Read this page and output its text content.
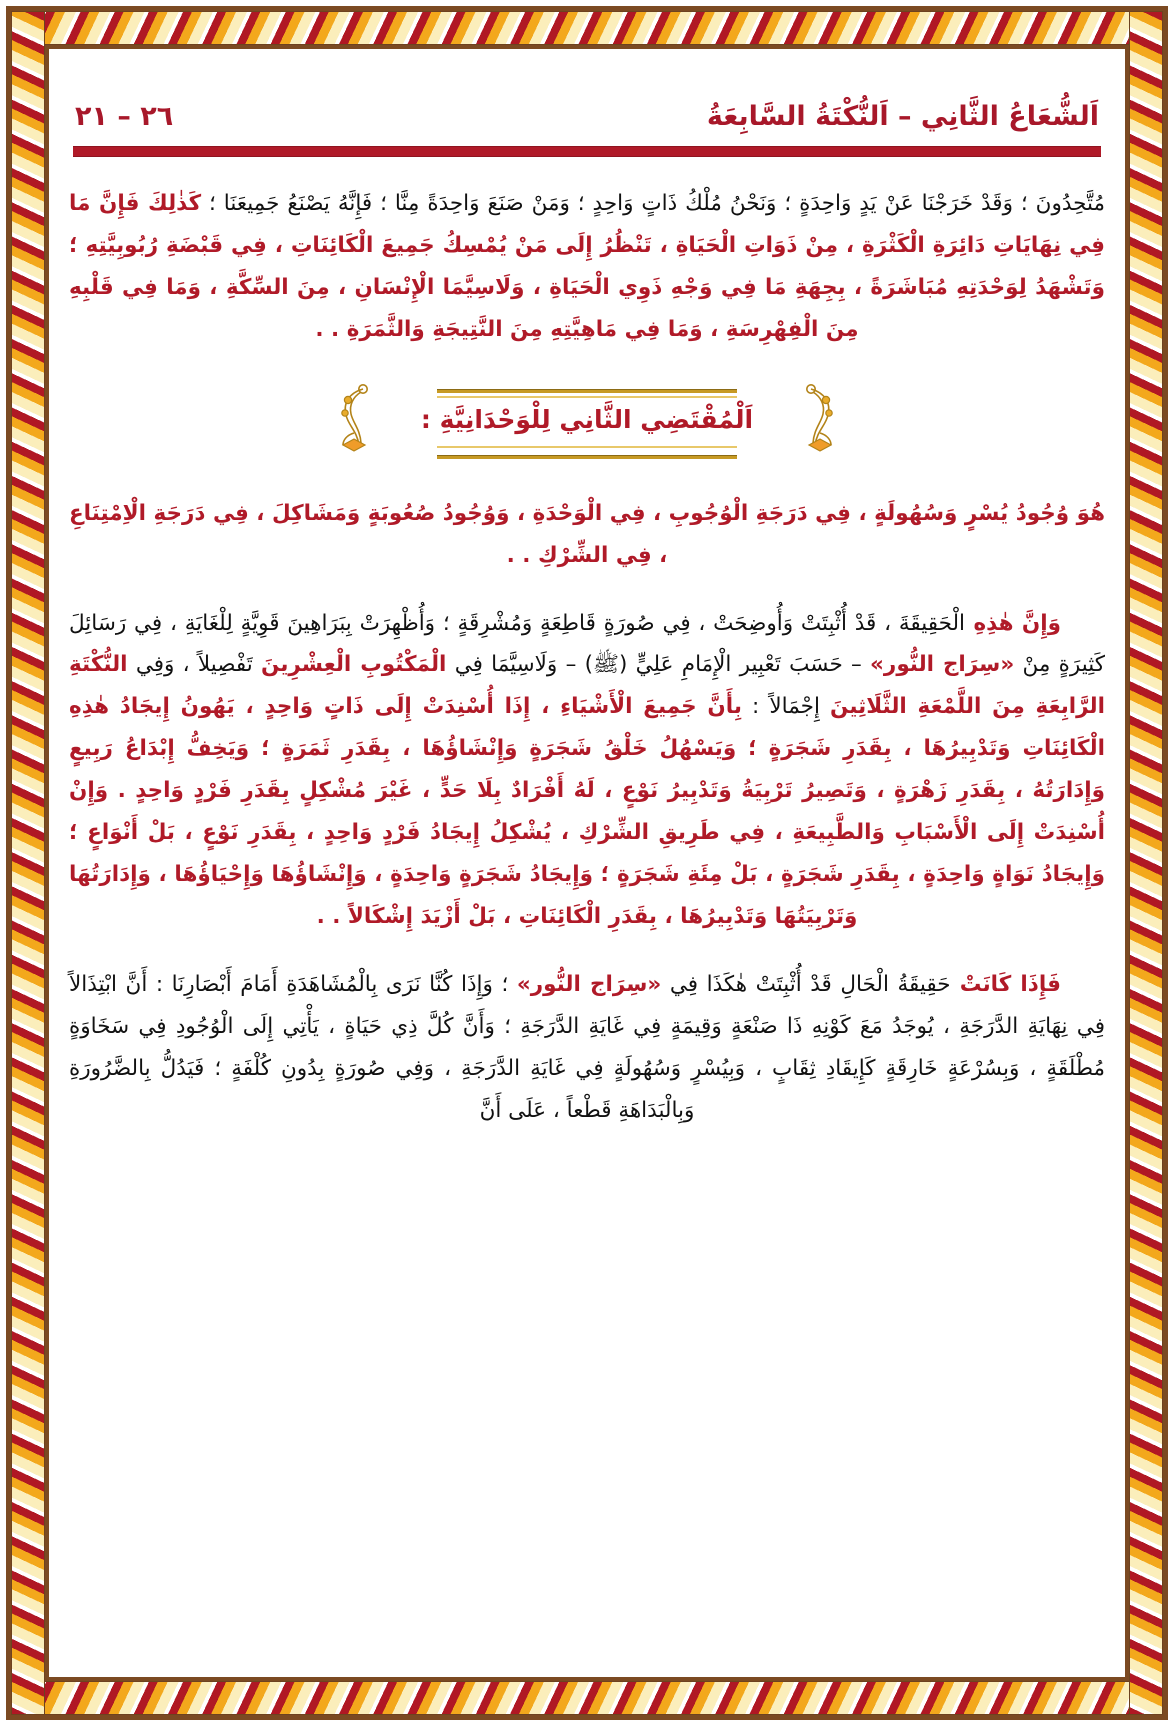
اَلشُّعَاعُ الثَّانِي – اَلنُّكْتَةُ السَّابِعَةُ
٢٦ – ٢١

مُتَّحِدُونَ ؛ وَقَدْ خَرَجْنَا عَنْ يَدٍ وَاحِدَةٍ ؛ وَنَحْنُ مُلْكُ ذَاتٍ وَاحِدٍ ؛ وَمَنْ صَنَعَ وَاحِدَةً مِنَّا ؛ فَإِنَّهُ يَصْنَعُ جَمِيعَنَا ؛ كَذٰلِكَ فَإِنَّ مَا فِي نِهَايَاتِ دَائِرَةِ الْكَثْرَةِ ، مِنْ ذَوَاتِ الْحَيَاةِ ، تَنْظُرُ إِلَى مَنْ يُمْسِكُ جَمِيعَ الْكَائِنَاتِ ، فِي قَبْضَةِ رُبُوبِيَّتِهِ ؛ وَتَشْهَدُ لِوَحْدَتِهِ مُبَاشَرَةً ، بِجِهَةِ مَا فِي وَجْهِ ذَوِي الْحَيَاةِ ، وَلَاسِيَّمَا الْإِنْسَانِ ، مِنَ السِّكَّةِ ، وَمَا فِي قَلْبِهِ مِنَ الْفِهْرِسَةِ ، وَمَا فِي مَاهِيَّتِهِ مِنَ النَّتِيجَةِ وَالثَّمَرَةِ . .

اَلْمُقْتَضِي الثَّانِي لِلْوَحْدَانِيَّةِ :

هُوَ وُجُودُ يُسْرٍ وَسُهُولَةٍ ، فِي دَرَجَةِ الْوُجُوبِ ، فِي الْوَحْدَةِ ، وَوُجُودُ صُعُوبَةٍ وَمَشَاكِلَ ، فِي دَرَجَةِ الْاِمْتِنَاعِ ، فِي الشِّرْكِ . .

وَإِنَّ هٰذِهِ الْحَقِيقَةَ ، قَدْ أُثْبِتَتْ وَأُوضِحَتْ ، فِي صُورَةٍ قَاطِعَةٍ وَمُشْرِقَةٍ ؛ وَأُظْهِرَتْ بِبَرَاهِينَ قَوِيَّةٍ لِلْغَايَةِ ، فِي رَسَائِلَ كَثِيرَةٍ مِنْ «سِرَاج النُّور» – حَسَبَ تَعْبِير الْإِمَامِ عَلِيٍّ (ﷺ) – وَلَاسِيَّمَا فِي الْمَكْتُوبِ الْعِشْرِينَ تَفْصِيلاً ، وَفِي النُّكْتَةِ الرَّابِعَةِ مِنَ اللَّمْعَةِ الثَّلَاثِينَ إِجْمَالاً : بِأَنَّ جَمِيعَ الْأَشْيَاءِ ، إِذَا أُسْنِدَتْ إِلَى ذَاتٍ وَاحِدٍ ، يَهُونُ إِيجَادُ هٰذِهِ الْكَائِنَاتِ وَتَدْبِيرُهَا ، بِقَدَرِ شَجَرَةٍ ؛ وَيَسْهُلُ خَلْقُ شَجَرَةٍ وَإِنْشَاؤُهَا ، بِقَدَرِ ثَمَرَةٍ ؛ وَيَخِفُّ إِبْدَاعُ رَبِيعٍ وَإِدَارَتُهُ ، بِقَدَرِ زَهْرَةٍ ، وَتَصِيرُ تَرْبِيَةُ وَتَدْبِيرُ نَوْعٍ ، لَهُ أَفْرَادٌ بِلَا حَدٍّ ، غَيْرَ مُشْكِلٍ بِقَدَرِ فَرْدٍ وَاحِدٍ . وَإِنْ أُسْنِدَتْ إِلَى الْأَسْبَابِ وَالطَّبِيعَةِ ، فِي طَرِيقِ الشِّرْكِ ، يُشْكِلُ إِيجَادُ فَرْدٍ وَاحِدٍ ، بِقَدَرِ نَوْعٍ ، بَلْ أَنْوَاعٍ ؛ وَإِيجَادُ نَوَاةٍ وَاحِدَةٍ ، بِقَدَرِ شَجَرَةٍ ، بَلْ مِئَةِ شَجَرَةٍ ؛ وَإِيجَادُ شَجَرَةٍ وَاحِدَةٍ ، وَإِنْشَاؤُهَا وَإِحْيَاؤُهَا ، وَإِدَارَتُهَا وَتَرْبِيَتُهَا وَتَدْبِيرُهَا ، بِقَدَرِ الْكَائِنَاتِ ، بَلْ أَزْيَدَ إِشْكَالاً . .

فَإِذَا كَانَتْ حَقِيقَةُ الْحَالِ قَدْ أُثْبِتَتْ هٰكَذَا فِي «سِرَاج النُّور» ؛ وَإِذَا كُنَّا نَرَى بِالْمُشَاهَدَةِ أَمَامَ أَبْصَارِنَا : أَنَّ ابْتِذَالاً فِي نِهَايَةِ الدَّرَجَةِ ، يُوجَدُ مَعَ كَوْنِهِ ذَا صَنْعَةٍ وَقِيمَةٍ فِي غَايَةِ الدَّرَجَةِ ؛ وَأَنَّ كُلَّ ذِي حَيَاةٍ ، يَأْتِي إِلَى الْوُجُودِ فِي سَخَاوَةٍ مُطْلَقَةٍ ، وَبِسُرْعَةٍ خَارِقَةٍ كَإِيقَادِ ثِقَابٍ ، وَبِيُسْرٍ وَسُهُولَةٍ فِي غَايَةِ الدَّرَجَةِ ، وَفِي صُورَةٍ بِدُونِ كُلْفَةٍ ؛ فَيَدُلُّ بِالضَّرُورَةِ وَبِالْبَدَاهَةِ قَطْعاً ، عَلَى أَنَّ
